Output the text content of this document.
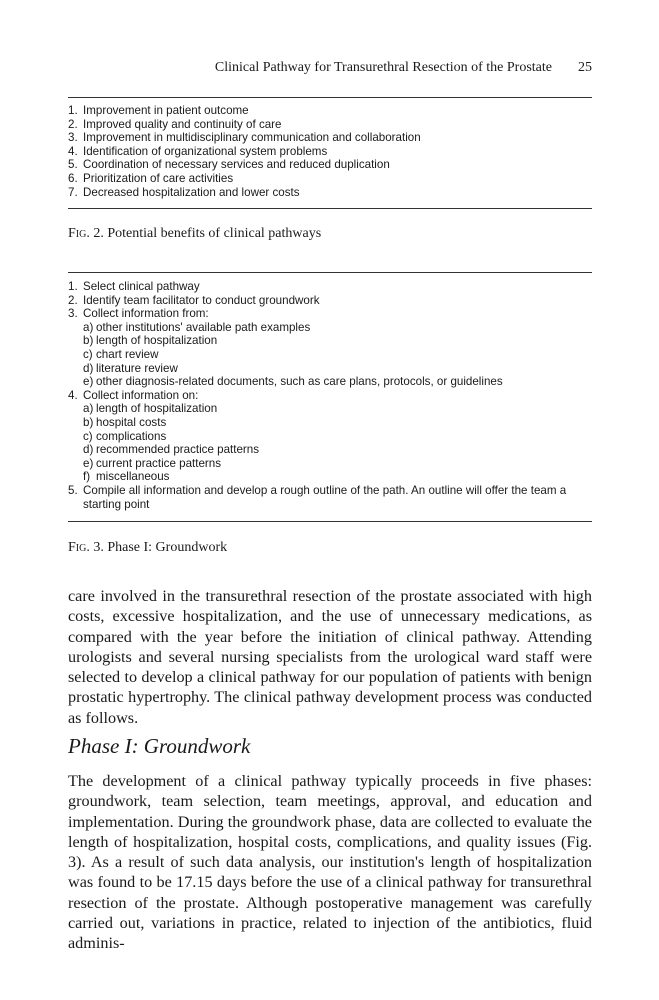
Clinical Pathway for Transurethral Resection of the Prostate 25
1. Improvement in patient outcome
2. Improved quality and continuity of care
3. Improvement in multidisciplinary communication and collaboration
4. Identification of organizational system problems
5. Coordination of necessary services and reduced duplication
6. Prioritization of care activities
7. Decreased hospitalization and lower costs
Fig. 2. Potential benefits of clinical pathways
1. Select clinical pathway
2. Identify team facilitator to conduct groundwork
3. Collect information from:
a) other institutions' available path examples
b) length of hospitalization
c) chart review
d) literature review
e) other diagnosis-related documents, such as care plans, protocols, or guidelines
4. Collect information on:
a) length of hospitalization
b) hospital costs
c) complications
d) recommended practice patterns
e) current practice patterns
f) miscellaneous
5. Compile all information and develop a rough outline of the path. An outline will offer the team a starting point
Fig. 3. Phase I: Groundwork

care involved in the transurethral resection of the prostate associated with high costs, excessive hospitalization, and the use of unnecessary medications, as compared with the year before the initiation of clinical pathway. Attending urologists and several nursing specialists from the urological ward staff were selected to develop a clinical pathway for our population of patients with benign prostatic hypertrophy. The clinical pathway development process was conducted as follows.

Phase I: Groundwork

The development of a clinical pathway typically proceeds in five phases: groundwork, team selection, team meetings, approval, and education and implementation. During the groundwork phase, data are collected to evaluate the length of hospitalization, hospital costs, complications, and quality issues (Fig. 3). As a result of such data analysis, our institution's length of hospitalization was found to be 17.15 days before the use of a clinical pathway for transurethral resection of the prostate. Although postoperative management was carefully carried out, variations in practice, related to injection of the antibiotics, fluid adminis-
